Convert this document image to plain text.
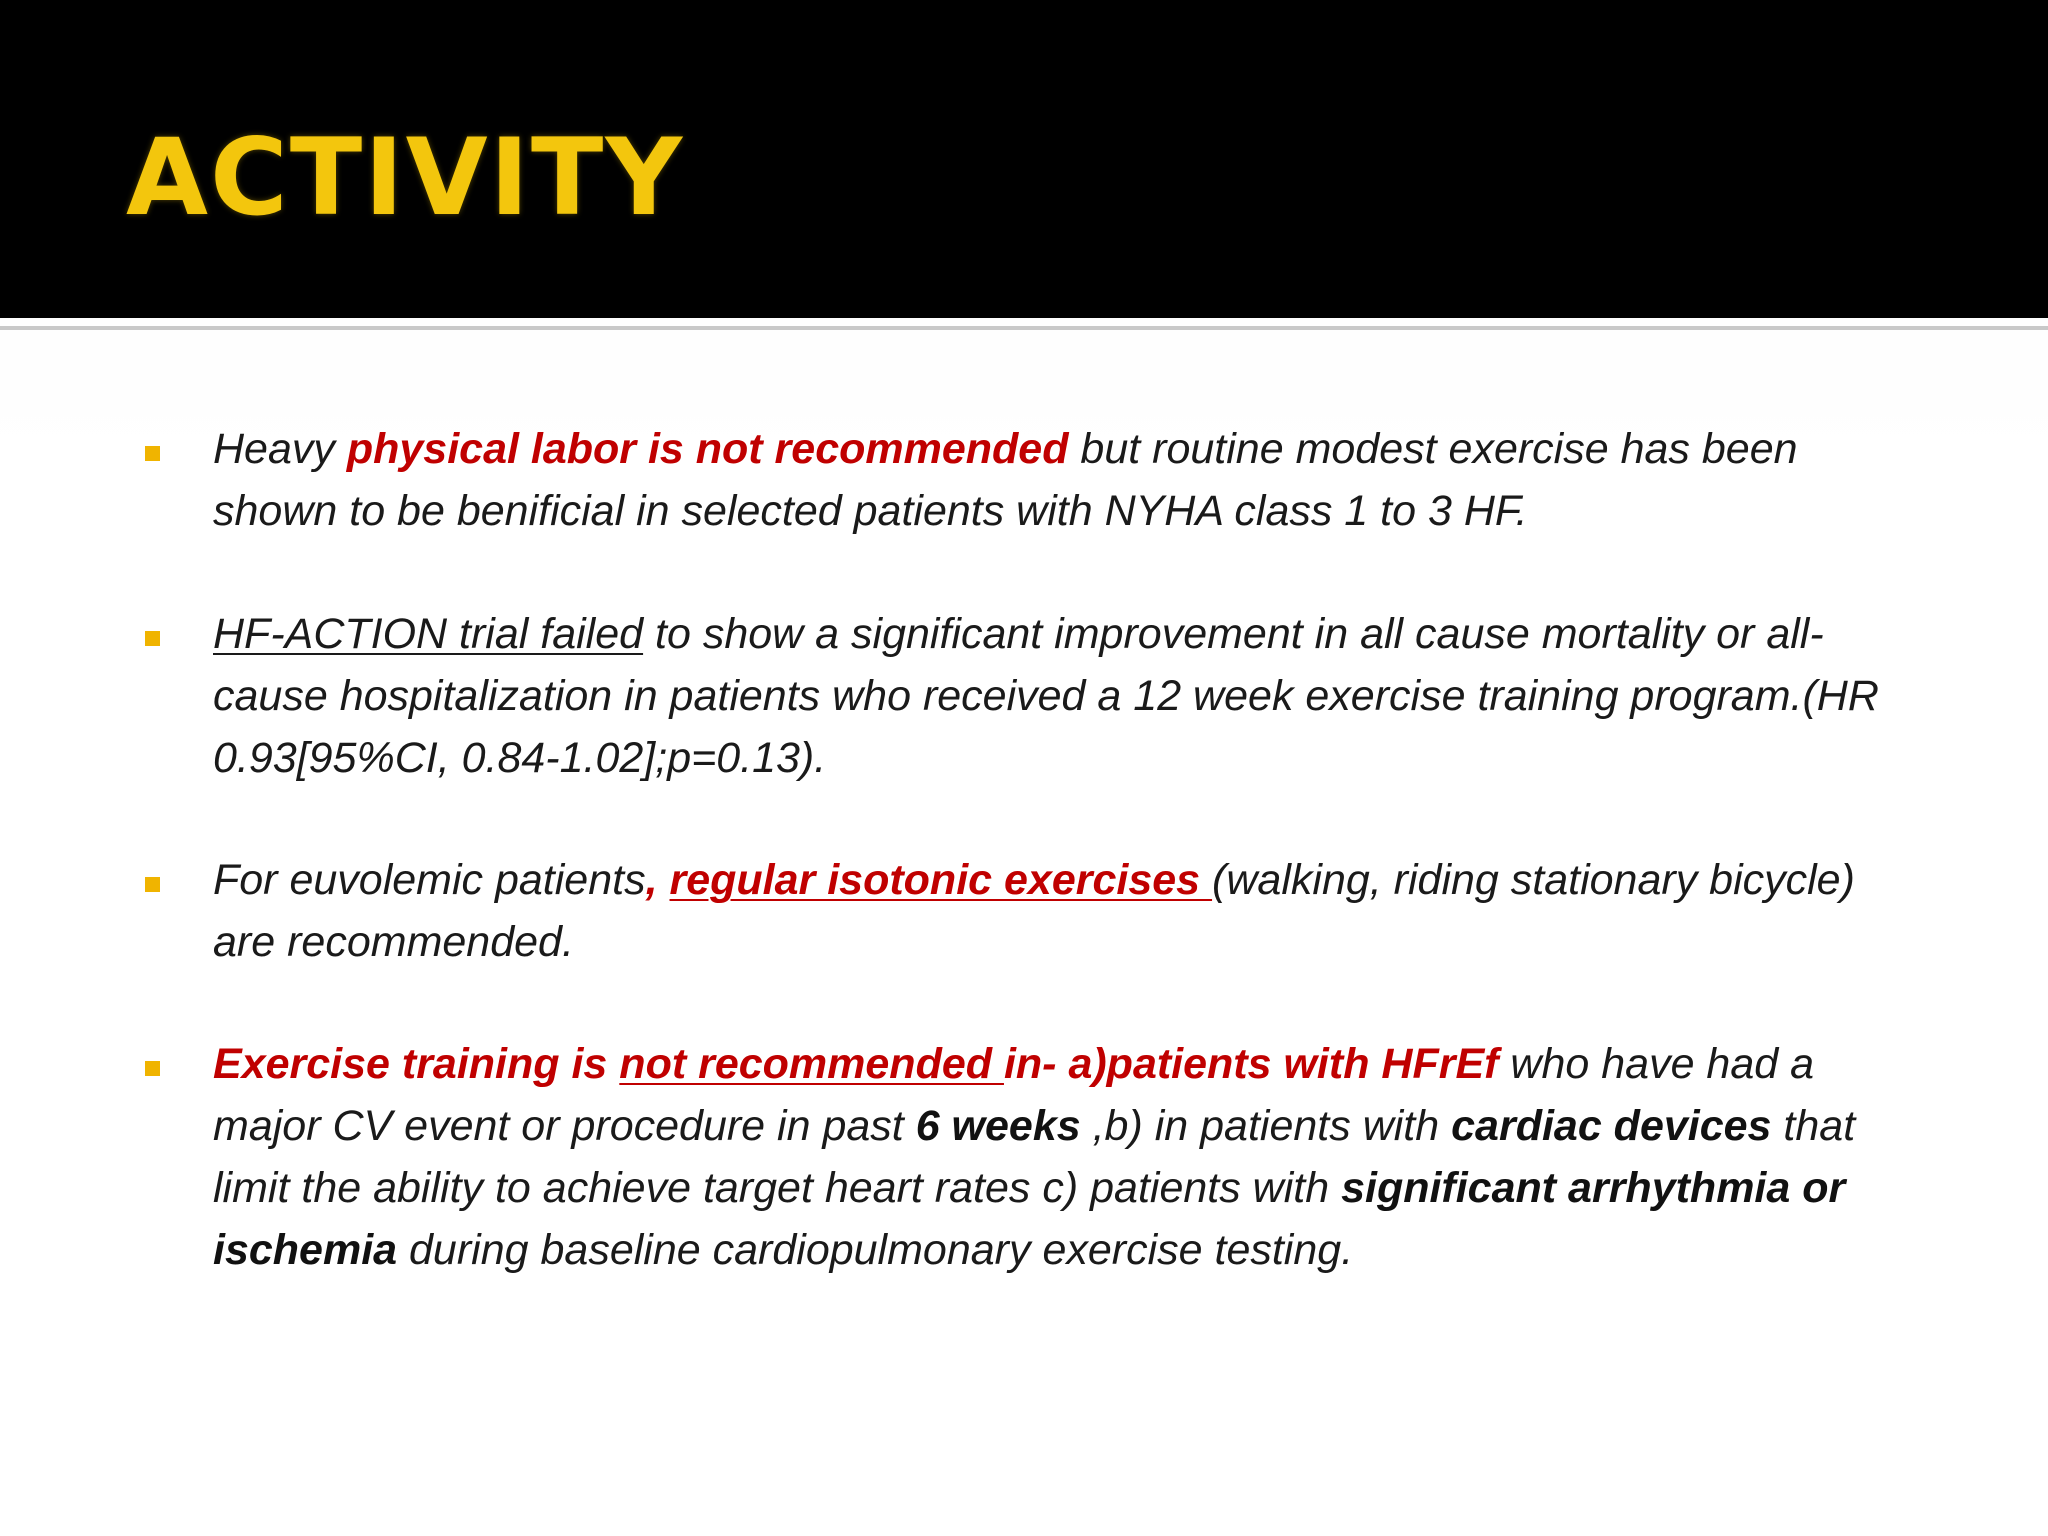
ACTIVITY

Heavy physical labor is not recommended but routine modest exercise has been shown to be benificial in selected patients with NYHA class 1 to 3 HF.

HF-ACTION trial failed to show a significant improvement in all cause mortality or all-cause hospitalization in patients who received a 12 week exercise training program.(HR 0.93[95%CI, 0.84-1.02];p=0.13).

For euvolemic patients, regular isotonic exercises (walking, riding stationary bicycle) are recommended.

Exercise training is not recommended in- a)patients with HFrEf who have had a major CV event or procedure in past 6 weeks ,b) in patients with cardiac devices that limit the ability to achieve target heart rates c) patients with significant arrhythmia or ischemia during baseline cardiopulmonary exercise testing.
